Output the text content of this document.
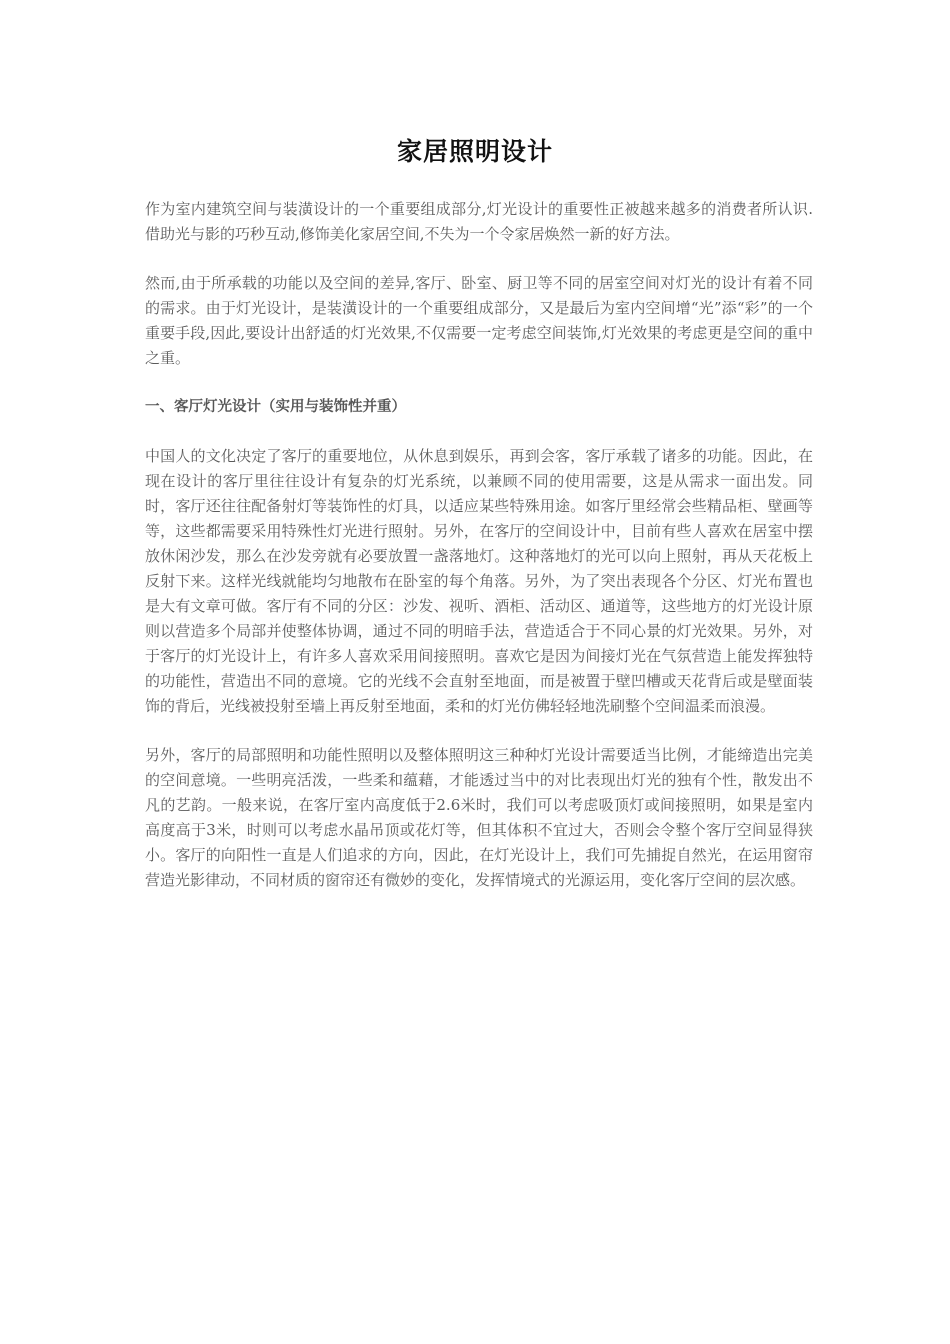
家居照明设计

作为室内建筑空间与装潢设计的一个重要组成部分,灯光设计的重要性正被越来越多的消费者所认识.借助光与影的巧秒互动,修饰美化家居空间,不失为一个令家居焕然一新的好方法。

然而,由于所承载的功能以及空间的差异,客厅、卧室、厨卫等不同的居室空间对灯光的设计有着不同的需求。由于灯光设计，是装潢设计的一个重要组成部分，又是最后为室内空间增“光”添“彩”的一个重要手段,因此,要设计出舒适的灯光效果,不仅需要一定考虑空间装饰,灯光效果的考虑更是空间的重中之重。

一、客厅灯光设计（实用与装饰性并重）

中国人的文化决定了客厅的重要地位，从休息到娱乐，再到会客，客厅承载了诸多的功能。因此，在现在设计的客厅里往往设计有复杂的灯光系统，以兼顾不同的使用需要，这是从需求一面出发。同时，客厅还往往配备射灯等装饰性的灯具，以适应某些特殊用途。如客厅里经常会些精品柜、壁画等等，这些都需要采用特殊性灯光进行照射。另外，在客厅的空间设计中，目前有些人喜欢在居室中摆放休闲沙发，那么在沙发旁就有必要放置一盏落地灯。这种落地灯的光可以向上照射，再从天花板上反射下来。这样光线就能均匀地散布在卧室的每个角落。另外，为了突出表现各个分区、灯光布置也是大有文章可做。客厅有不同的分区：沙发、视听、酒柜、活动区、通道等，这些地方的灯光设计原则以营造多个局部并使整体协调，通过不同的明暗手法，营造适合于不同心景的灯光效果。另外，对于客厅的灯光设计上，有许多人喜欢采用间接照明。喜欢它是因为间接灯光在气氛营造上能发挥独特的功能性，营造出不同的意境。它的光线不会直射至地面，而是被置于壁凹槽或天花背后或是壁面装饰的背后，光线被投射至墙上再反射至地面，柔和的灯光仿佛轻轻地洗刷整个空间温柔而浪漫。

另外，客厅的局部照明和功能性照明以及整体照明这三种种灯光设计需要适当比例，才能缔造出完美的空间意境。一些明亮活泼，一些柔和蕴藉，才能透过当中的对比表现出灯光的独有个性，散发出不凡的艺韵。一般来说，在客厅室内高度低于2.6米时，我们可以考虑吸顶灯或间接照明，如果是室内高度高于3米，时则可以考虑水晶吊顶或花灯等，但其体积不宜过大，否则会令整个客厅空间显得狭小。客厅的向阳性一直是人们追求的方向，因此，在灯光设计上，我们可先捕捉自然光，在运用窗帘营造光影律动，不同材质的窗帘还有微妙的变化，发挥情境式的光源运用，变化客厅空间的层次感。
